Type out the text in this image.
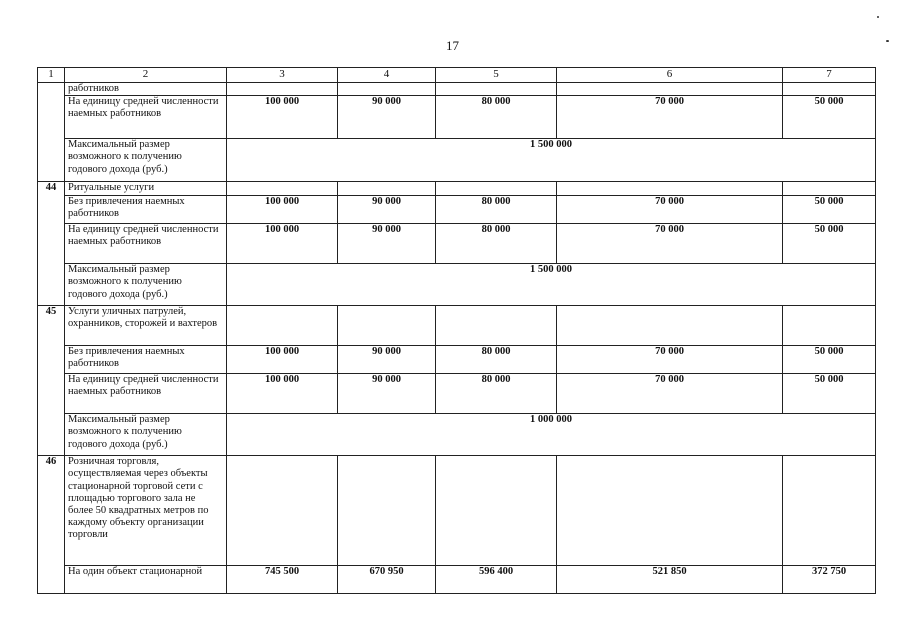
17
1	2	3	4	5	6	7
	работников					
	На единицу средней численности наемных работников	100 000	90 000	80 000	70 000	50 000
	Максимальный размер возможного к получению годового дохода (руб.)	1 500 000				
44	Ритуальные услуги					
	Без привлечения наемных работников	100 000	90 000	80 000	70 000	50 000
	На единицу средней численности наемных работников	100 000	90 000	80 000	70 000	50 000
	Максимальный размер возможного к получению годового дохода (руб.)	1 500 000				
45	Услуги уличных патрулей, охранников, сторожей и вахтеров					
	Без привлечения наемных работников	100 000	90 000	80 000	70 000	50 000
	На единицу средней численности наемных работников	100 000	90 000	80 000	70 000	50 000
	Максимальный размер возможного к получению годового дохода (руб.)	1 000 000				
46	Розничная торговля, осуществляемая через объекты стационарной торговой сети с площадью торгового зала не более 50 квадратных метров по каждому объекту организации торговли					
	На один объект стационарной	745 500	670 950	596 400	521 850	372 750
